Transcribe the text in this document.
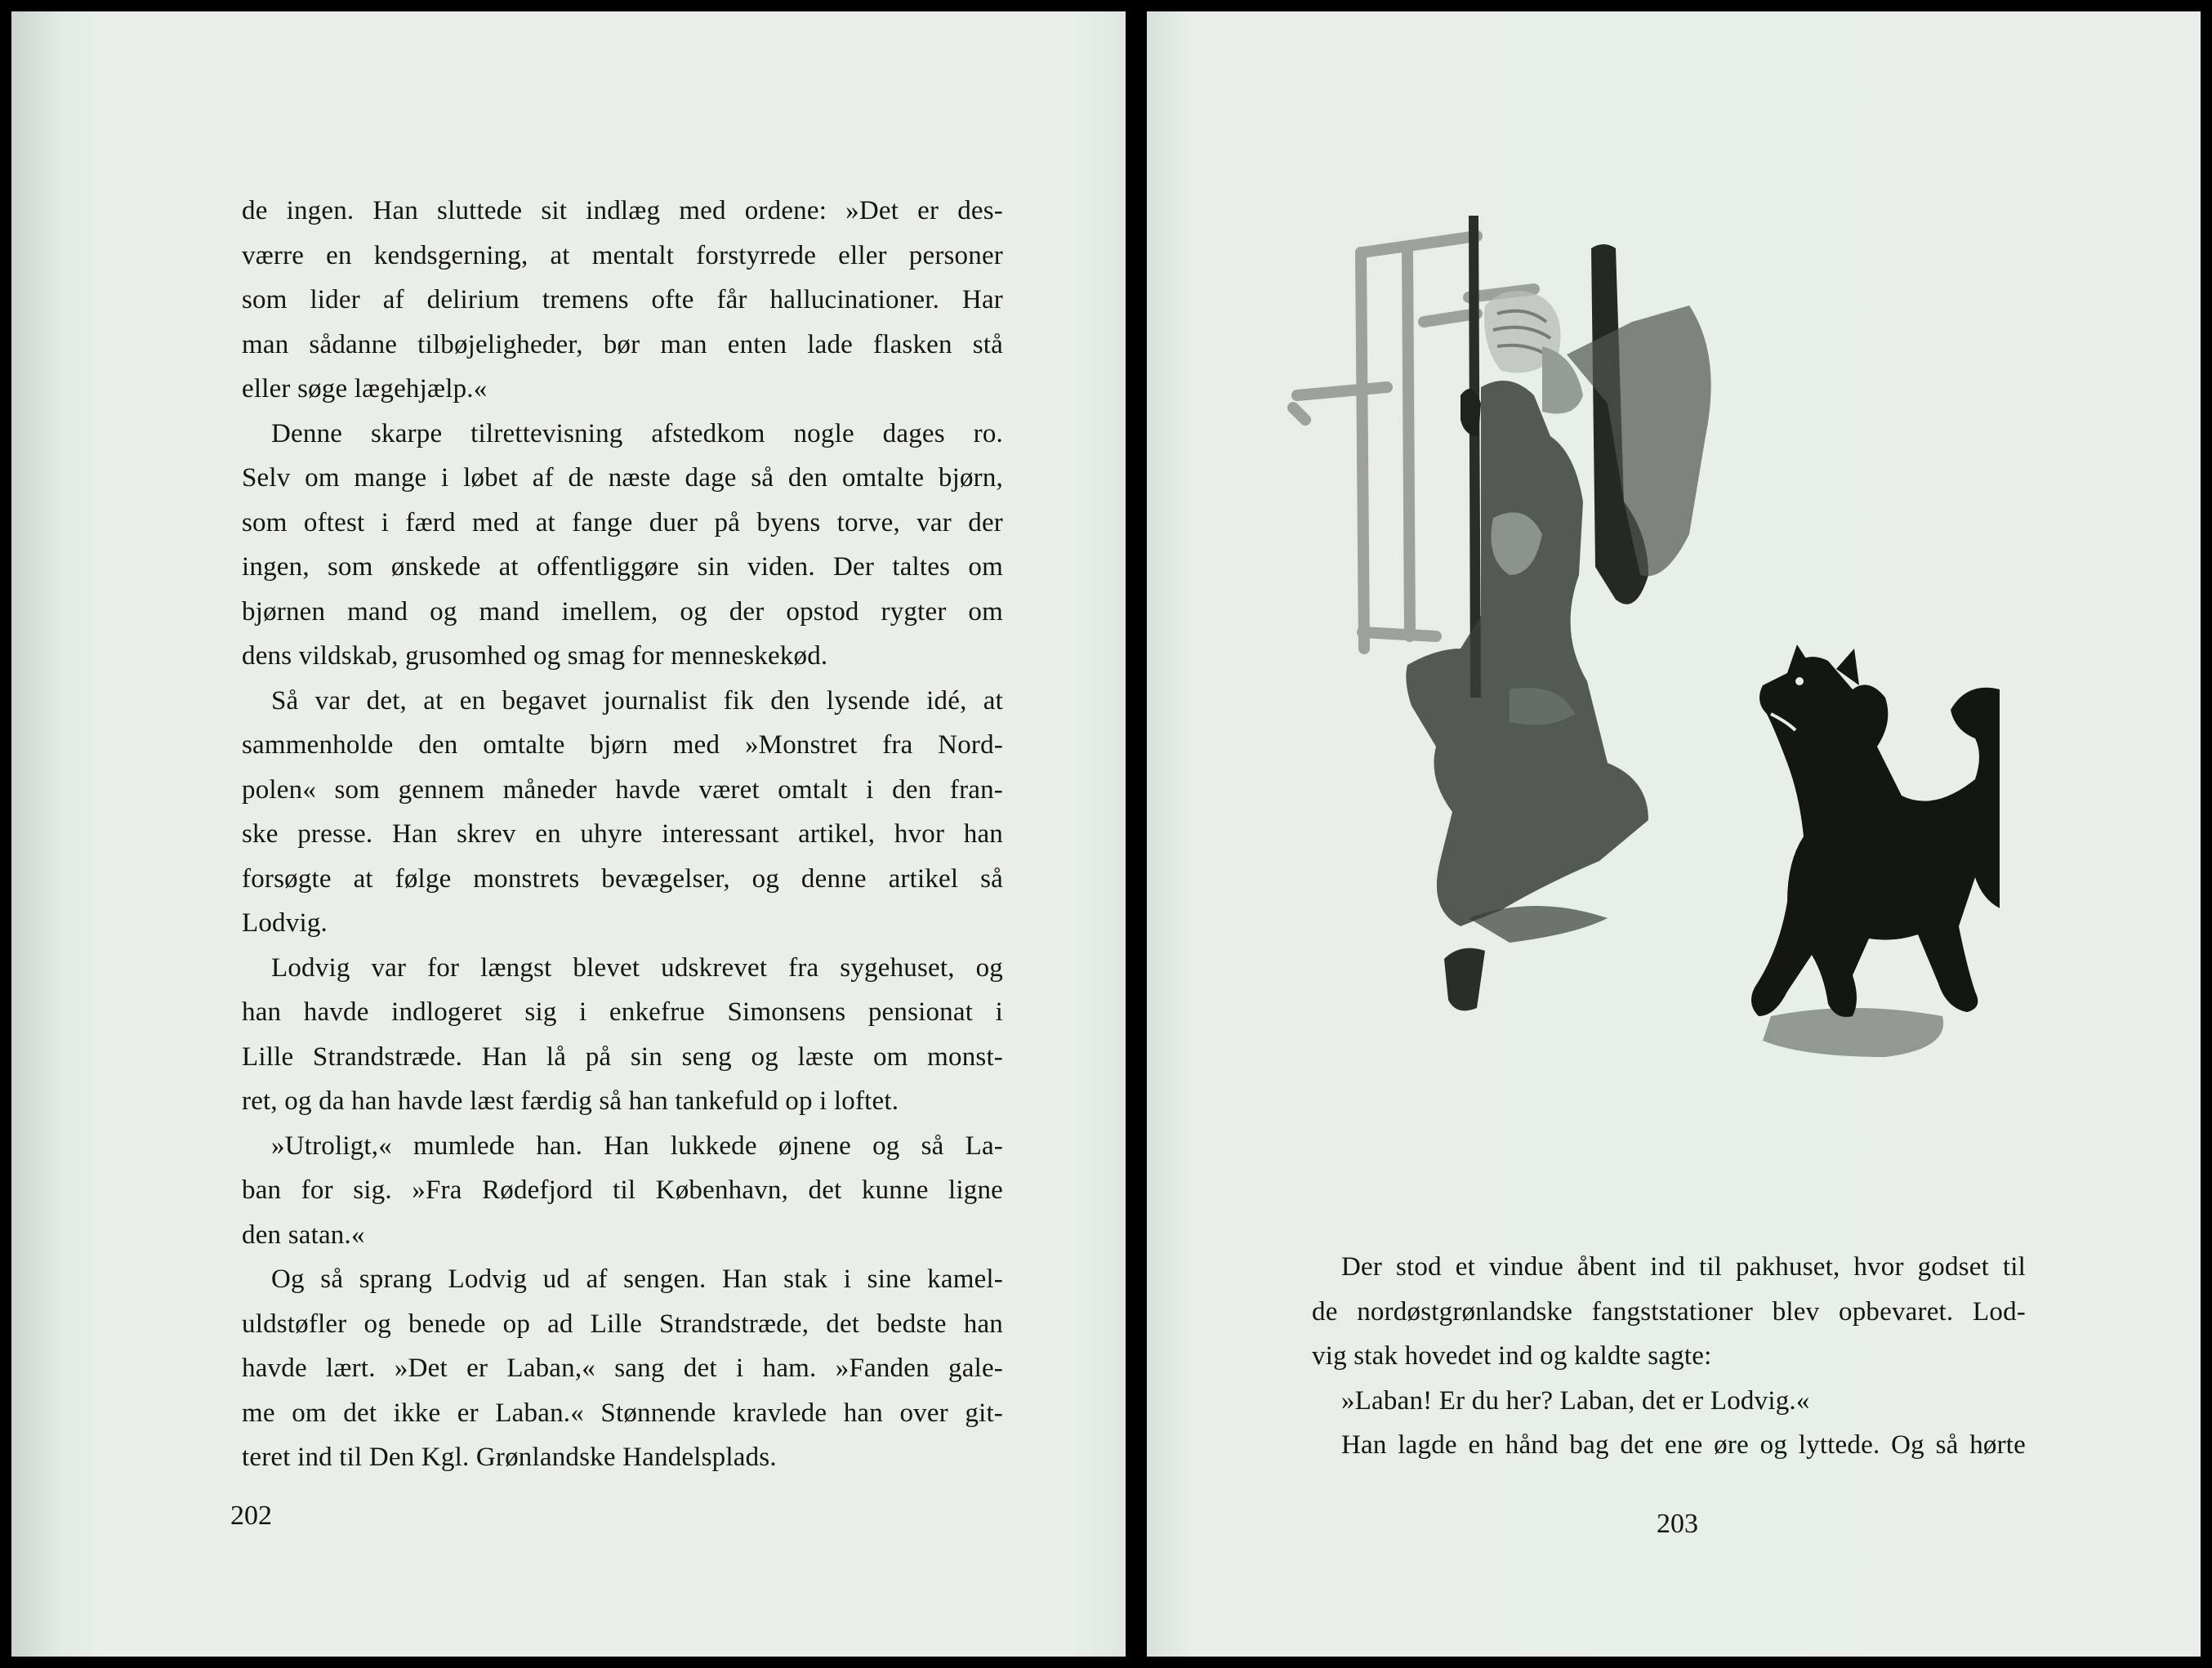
de ingen. Han sluttede sit indlæg med ordene: »Det er des-
værre en kendsgerning, at mentalt forstyrrede eller personer
som lider af delirium tremens ofte får hallucinationer. Har
man sådanne tilbøjeligheder, bør man enten lade flasken stå
eller søge lægehjælp.«
Denne skarpe tilrettevisning afstedkom nogle dages ro.
Selv om mange i løbet af de næste dage så den omtalte bjørn,
som oftest i færd med at fange duer på byens torve, var der
ingen, som ønskede at offentliggøre sin viden. Der taltes om
bjørnen mand og mand imellem, og der opstod rygter om
dens vildskab, grusomhed og smag for menneskekød.
Så var det, at en begavet journalist fik den lysende idé, at
sammenholde den omtalte bjørn med »Monstret fra Nord-
polen« som gennem måneder havde været omtalt i den fran-
ske presse. Han skrev en uhyre interessant artikel, hvor han
forsøgte at følge monstrets bevægelser, og denne artikel så
Lodvig.
Lodvig var for længst blevet udskrevet fra sygehuset, og
han havde indlogeret sig i enkefrue Simonsens pensionat i
Lille Strandstræde. Han lå på sin seng og læste om monst-
ret, og da han havde læst færdig så han tankefuld op i loftet.
»Utroligt,« mumlede han. Han lukkede øjnene og så La-
ban for sig. »Fra Rødefjord til København, det kunne ligne
den satan.«
Og så sprang Lodvig ud af sengen. Han stak i sine kamel-
uldstøfler og benede op ad Lille Strandstræde, det bedste han
havde lært. »Det er Laban,« sang det i ham. »Fanden gale-
me om det ikke er Laban.« Stønnende kravlede han over git-
teret ind til Den Kgl. Grønlandske Handelsplads.
202
Der stod et vindue åbent ind til pakhuset, hvor godset til
de nordøstgrønlandske fangststationer blev opbevaret. Lod-
vig stak hovedet ind og kaldte sagte:
»Laban! Er du her? Laban, det er Lodvig.«
Han lagde en hånd bag det ene øre og lyttede. Og så hørte
203
